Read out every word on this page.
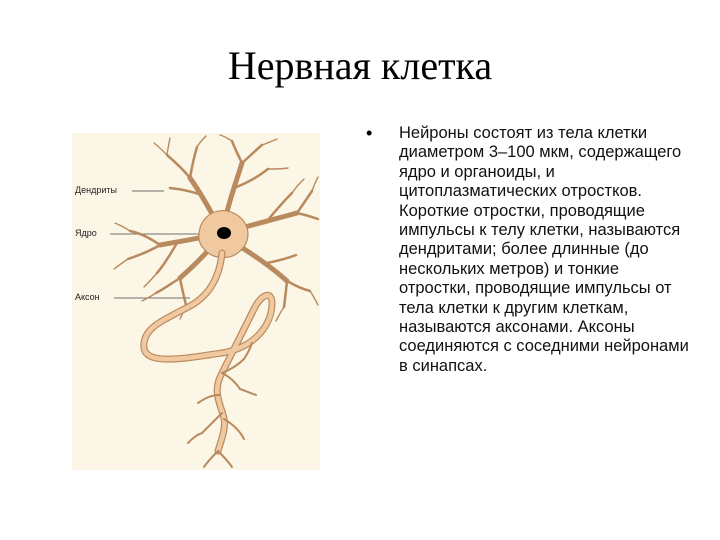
Нервная клетка
Дендриты
Ядро
Аксон
• Нейроны состоят из тела клетки диаметром 3–100 мкм, содержащего ядро и органоиды, и цитоплазматических отростков. Короткие отростки, проводящие импульсы к телу клетки, называются дендритами; более длинные (до нескольких метров) и тонкие отростки, проводящие импульсы от тела клетки к другим клеткам, называются аксонами. Аксоны соединяются с соседними нейронами в синапсах.
